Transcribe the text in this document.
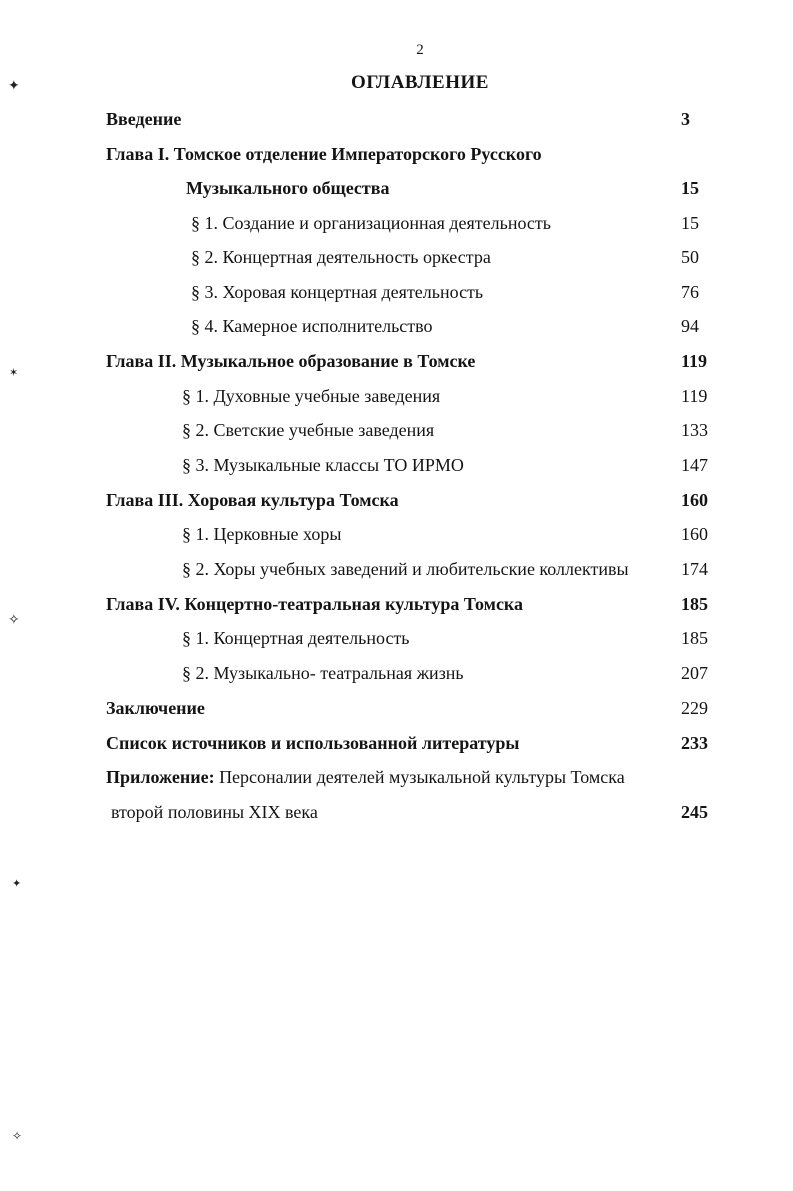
2
ОГЛАВЛЕНИЕ
Введение	3
Глава I. Томское отделение Императорского Русского
Музыкального общества	15
§ 1. Создание и организационная деятельность	15
§ 2. Концертная деятельность оркестра	50
§ 3. Хоровая концертная деятельность	76
§ 4. Камерное исполнительство	94
Глава II. Музыкальное образование в Томске	119
§ 1. Духовные учебные заведения	119
§ 2. Светские учебные заведения	133
§ 3. Музыкальные классы ТО ИРМО	147
Глава III. Хоровая культура Томска	160
§ 1. Церковные хоры	160
§ 2. Хоры учебных заведений и любительские коллективы	174
Глава IV. Концертно-театральная культура Томска	185
§ 1. Концертная деятельность	185
§ 2. Музыкально- театральная жизнь	207
Заключение	229
Список источников и использованной литературы	233
Приложение: Персоналии деятелей музыкальной культуры Томска
второй половины XIX века	245
✦
✶
✧
✦
✧
